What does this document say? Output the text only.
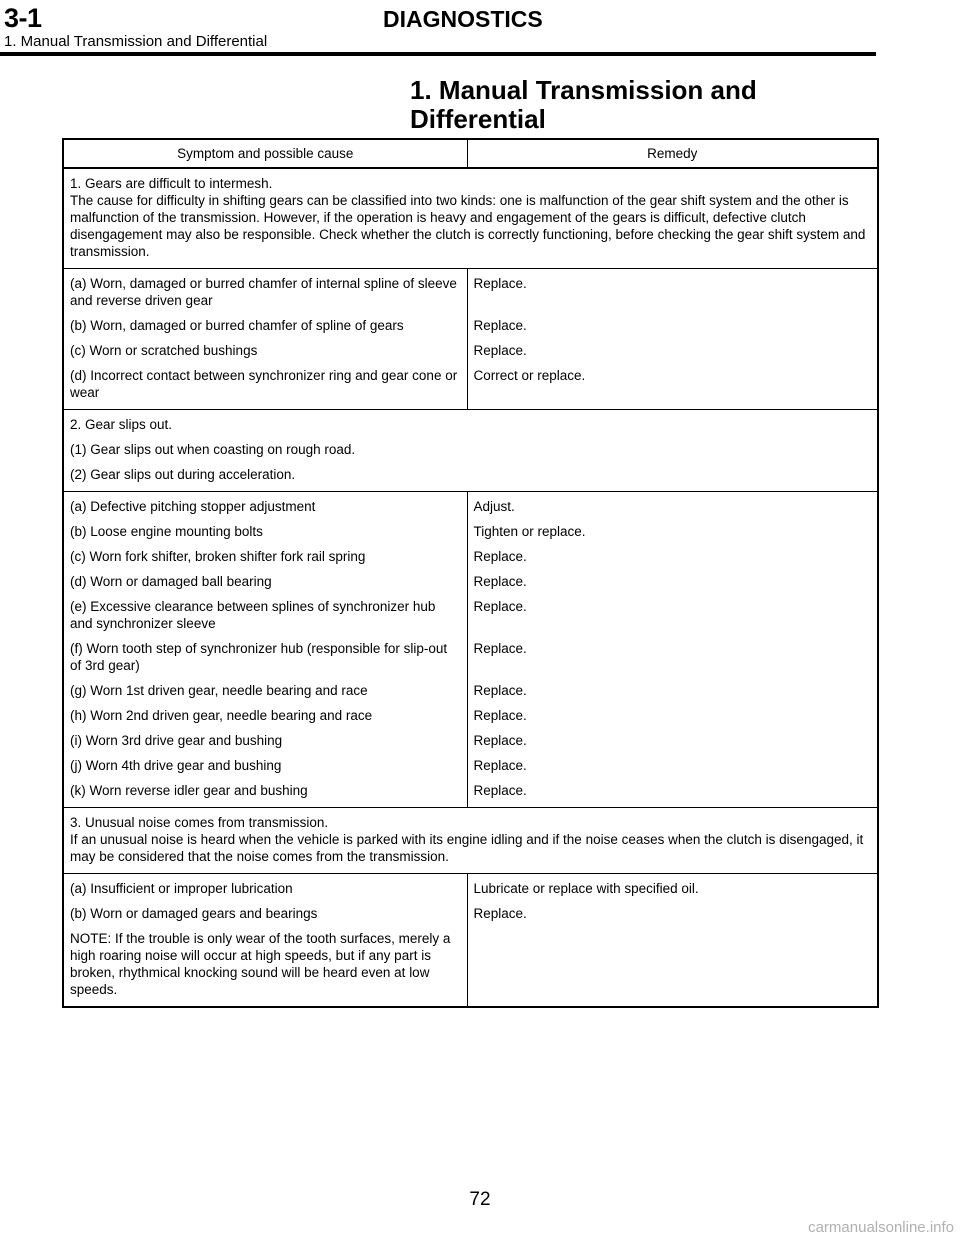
3-1	DIAGNOSTICS
1. Manual Transmission and Differential
1. Manual Transmission and Differential
Symptom and possible cause	Remedy

1. Gears are difficult to intermesh.

The cause for difficulty in shifting gears can be classified into two kinds: one is malfunction of the gear shift system and the other is malfunction of the transmission. However, if the operation is heavy and engagement of the gears is difficult, defective clutch disengagement may also be responsible. Check whether the clutch is correctly functioning, before checking the gear shift system and transmission.	

(a) Worn, damaged or burred chamfer of internal spline of sleeve and reverse driven gear	Replace.
(b) Worn, damaged or burred chamfer of spline of gears	Replace.
(c) Worn or scratched bushings	Replace.
(d) Incorrect contact between synchronizer ring and gear cone or wear	Correct or replace.

2. Gear slips out.

(1) Gear slips out when coasting on rough road.

(2) Gear slips out during acceleration.	

(a) Defective pitching stopper adjustment	Adjust.
(b) Loose engine mounting bolts	Tighten or replace.
(c) Worn fork shifter, broken shifter fork rail spring	Replace.
(d) Worn or damaged ball bearing	Replace.
(e) Excessive clearance between splines of synchronizer hub and synchronizer sleeve	Replace.
(f) Worn tooth step of synchronizer hub (responsible for slip-out of 3rd gear)	Replace.
(g) Worn 1st driven gear, needle bearing and race	Replace.
(h) Worn 2nd driven gear, needle bearing and race	Replace.
(i) Worn 3rd drive gear and bushing	Replace.
(j) Worn 4th drive gear and bushing	Replace.
(k) Worn reverse idler gear and bushing	Replace.

3. Unusual noise comes from transmission.

If an unusual noise is heard when the vehicle is parked with its engine idling and if the noise ceases when the clutch is disengaged, it may be considered that the noise comes from the transmission.	

(a) Insufficient or improper lubrication	Lubricate or replace with specified oil.
(b) Worn or damaged gears and bearings	Replace.
NOTE: If the trouble is only wear of the tooth surfaces, merely a high roaring noise will occur at high speeds, but if any part is broken, rhythmical knocking sound will be heard even at low speeds.	
72
carmanualsonline.info
